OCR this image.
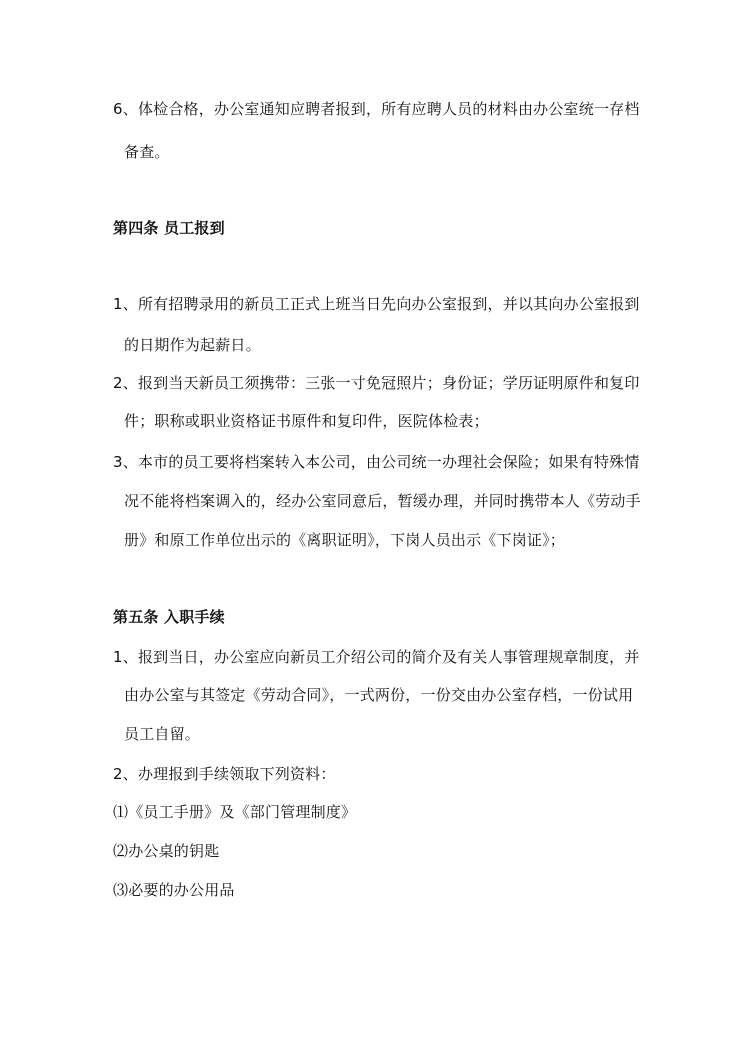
6、体检合格，办公室通知应聘者报到，所有应聘人员的材料由办公室统一存档
备查。
第四条 员工报到
1、所有招聘录用的新员工正式上班当日先向办公室报到，并以其向办公室报到
的日期作为起薪日。
2、报到当天新员工须携带：三张一寸免冠照片；身份证；学历证明原件和复印
件；职称或职业资格证书原件和复印件，医院体检表；
3、本市的员工要将档案转入本公司，由公司统一办理社会保险；如果有特殊情
况不能将档案调入的，经办公室同意后，暂缓办理，并同时携带本人《劳动手
册》和原工作单位出示的《离职证明》，下岗人员出示《下岗证》；
第五条 入职手续
1、报到当日，办公室应向新员工介绍公司的简介及有关人事管理规章制度，并
由办公室与其签定《劳动合同》，一式两份，一份交由办公室存档，一份试用
员工自留。
2、办理报到手续领取下列资料：
⑴《员工手册》及《部门管理制度》
⑵办公桌的钥匙
⑶必要的办公用品
